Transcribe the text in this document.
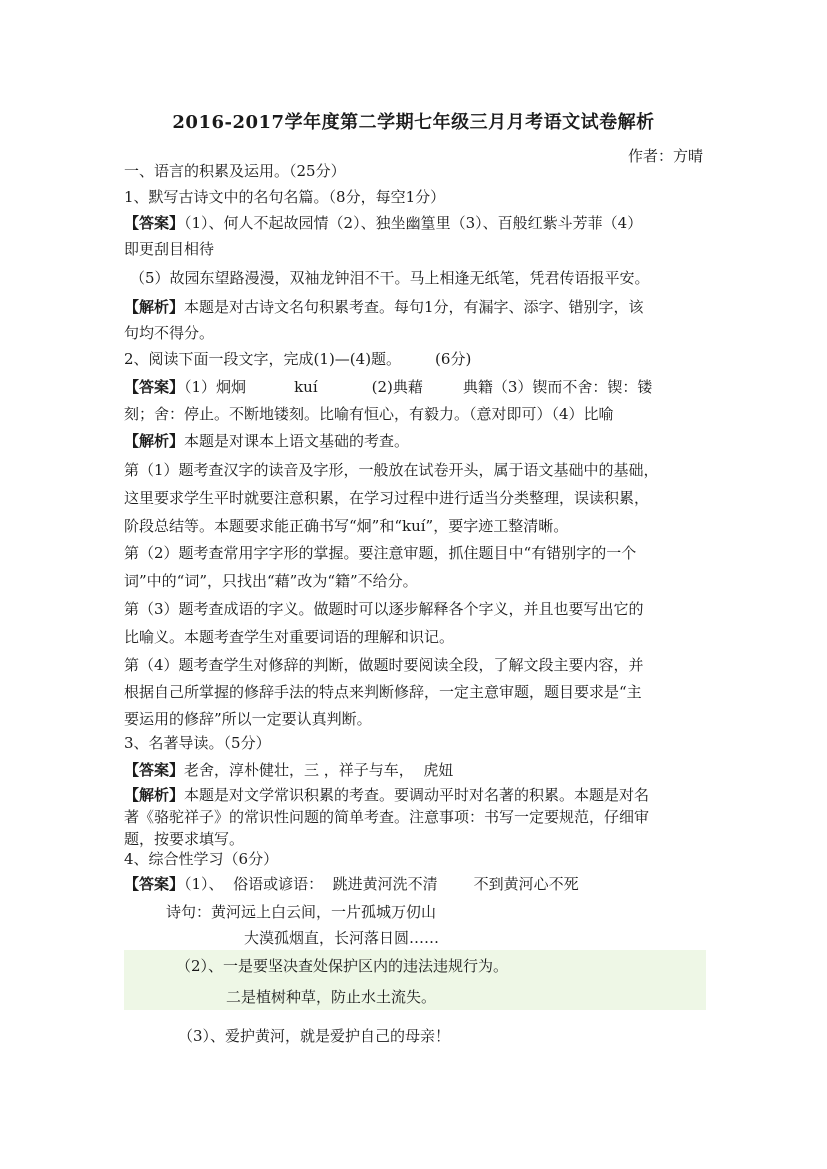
2016-2017学年度第二学期七年级三月月考语文试卷解析
作者：方晴
一、语言的积累及运用。（25分）
1、默写古诗文中的名句名篇。（8分，每空1分）
【答案】（1）、何人不起故园情（2）、独坐幽篁里（3）、百般红紫斗芳菲（4）
即更刮目相待
（5）故园东望路漫漫，双袖龙钟泪不干。马上相逢无纸笔，凭君传语报平安。
【解析】本题是对古诗文名句积累考查。每句1分，有漏字、添字、错别字，该
句均不得分。
2、阅读下面一段文字，完成(1)—(4)题。 (6分)
【答案】（1）炯炯	kuí	(2)典藉	典籍（3）锲而不舍：锲：镂
刻；舍：停止。不断地镂刻。比喻有恒心，有毅力。（意对即可）（4）比喻
【解析】本题是对课本上语文基础的考查。
第（1）题考查汉字的读音及字形，一般放在试卷开头，属于语文基础中的基础，
这里要求学生平时就要注意积累，在学习过程中进行适当分类整理，误读积累，
阶段总结等。本题要求能正确书写“炯”和“kuí”，要字迹工整清晰。
第（2）题考查常用字字形的掌握。要注意审题，抓住题目中“有错别字的一个
词”中的“词”，只找出“藉”改为“籍”不给分。
第（3）题考查成语的字义。做题时可以逐步解释各个字义，并且也要写出它的
比喻义。本题考查学生对重要词语的理解和识记。
第（4）题考查学生对修辞的判断，做题时要阅读全段，了解文段主要内容，并
根据自己所掌握的修辞手法的特点来判断修辞，一定主意审题，题目要求是“主
要运用的修辞”所以一定要认真判断。
3、名著导读。（5分）
【答案】老舍，淳朴健壮，三 ，祥子与车，  虎妞
【解析】本题是对文学常识积累的考查。要调动平时对名著的积累。本题是对名
著《骆驼祥子》的常识性问题的简单考查。注意事项：书写一定要规范，仔细审
题，按要求填写。
4、综合性学习（6分）
【答案】（1）、  俗语或谚语：  跳进黄河洗不清 不到黄河心不死
诗句：黄河远上白云间，一片孤城万仞山
大漠孤烟直，长河落日圆……
（2）、一是要坚决查处保护区内的违法违规行为。
二是植树种草，防止水土流失。
（3）、爱护黄河，就是爱护自己的母亲！
